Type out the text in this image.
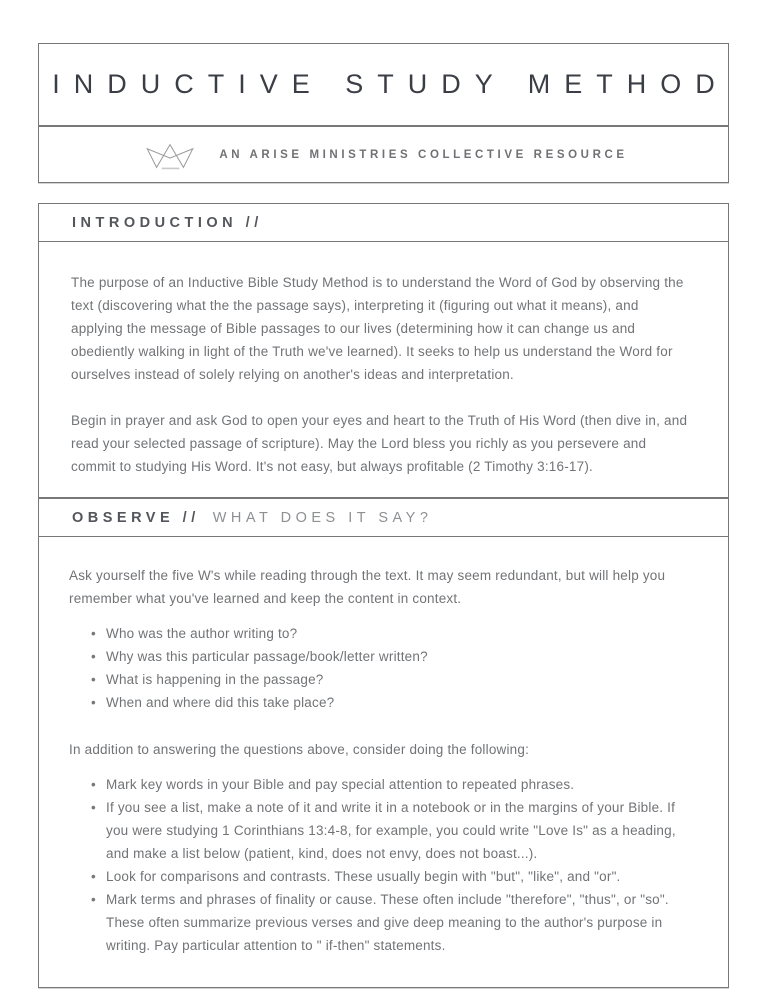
INDUCTIVE STUDY METHOD
AN ARISE MINISTRIES COLLECTIVE RESOURCE
INTRODUCTION //

The purpose of an Inductive Bible Study Method is to understand the Word of God by observing the text (discovering what the the passage says), interpreting it (figuring out what it means), and applying the message of Bible passages to our lives (determining how it can change us and obediently walking in light of the Truth we've learned). It seeks to help us understand the Word for ourselves instead of solely relying on another's ideas and interpretation.

Begin in prayer and ask God to open your eyes and heart to the Truth of His Word (then dive in, and read your selected passage of scripture). May the Lord bless you richly as you persevere and commit to studying His Word. It's not easy, but always profitable (2 Timothy 3:16-17).

OBSERVE // WHAT DOES IT SAY?

Ask yourself the five W's while reading through the text. It may seem redundant, but will help you remember what you've learned and keep the content in context.

• Who was the author writing to?
• Why was this particular passage/book/letter written?
• What is happening in the passage?
• When and where did this take place?

In addition to answering the questions above, consider doing the following:

• Mark key words in your Bible and pay special attention to repeated phrases.
• If you see a list, make a note of it and write it in a notebook or in the margins of your Bible. If you were studying 1 Corinthians 13:4-8, for example, you could write "Love Is" as a heading, and make a list below (patient, kind, does not envy, does not boast...).
• Look for comparisons and contrasts. These usually begin with "but", "like", and "or".
• Mark terms and phrases of finality or cause. These often include "therefore", "thus", or "so". These often summarize previous verses and give deep meaning to the author's purpose in writing. Pay particular attention to " if-then" statements.
